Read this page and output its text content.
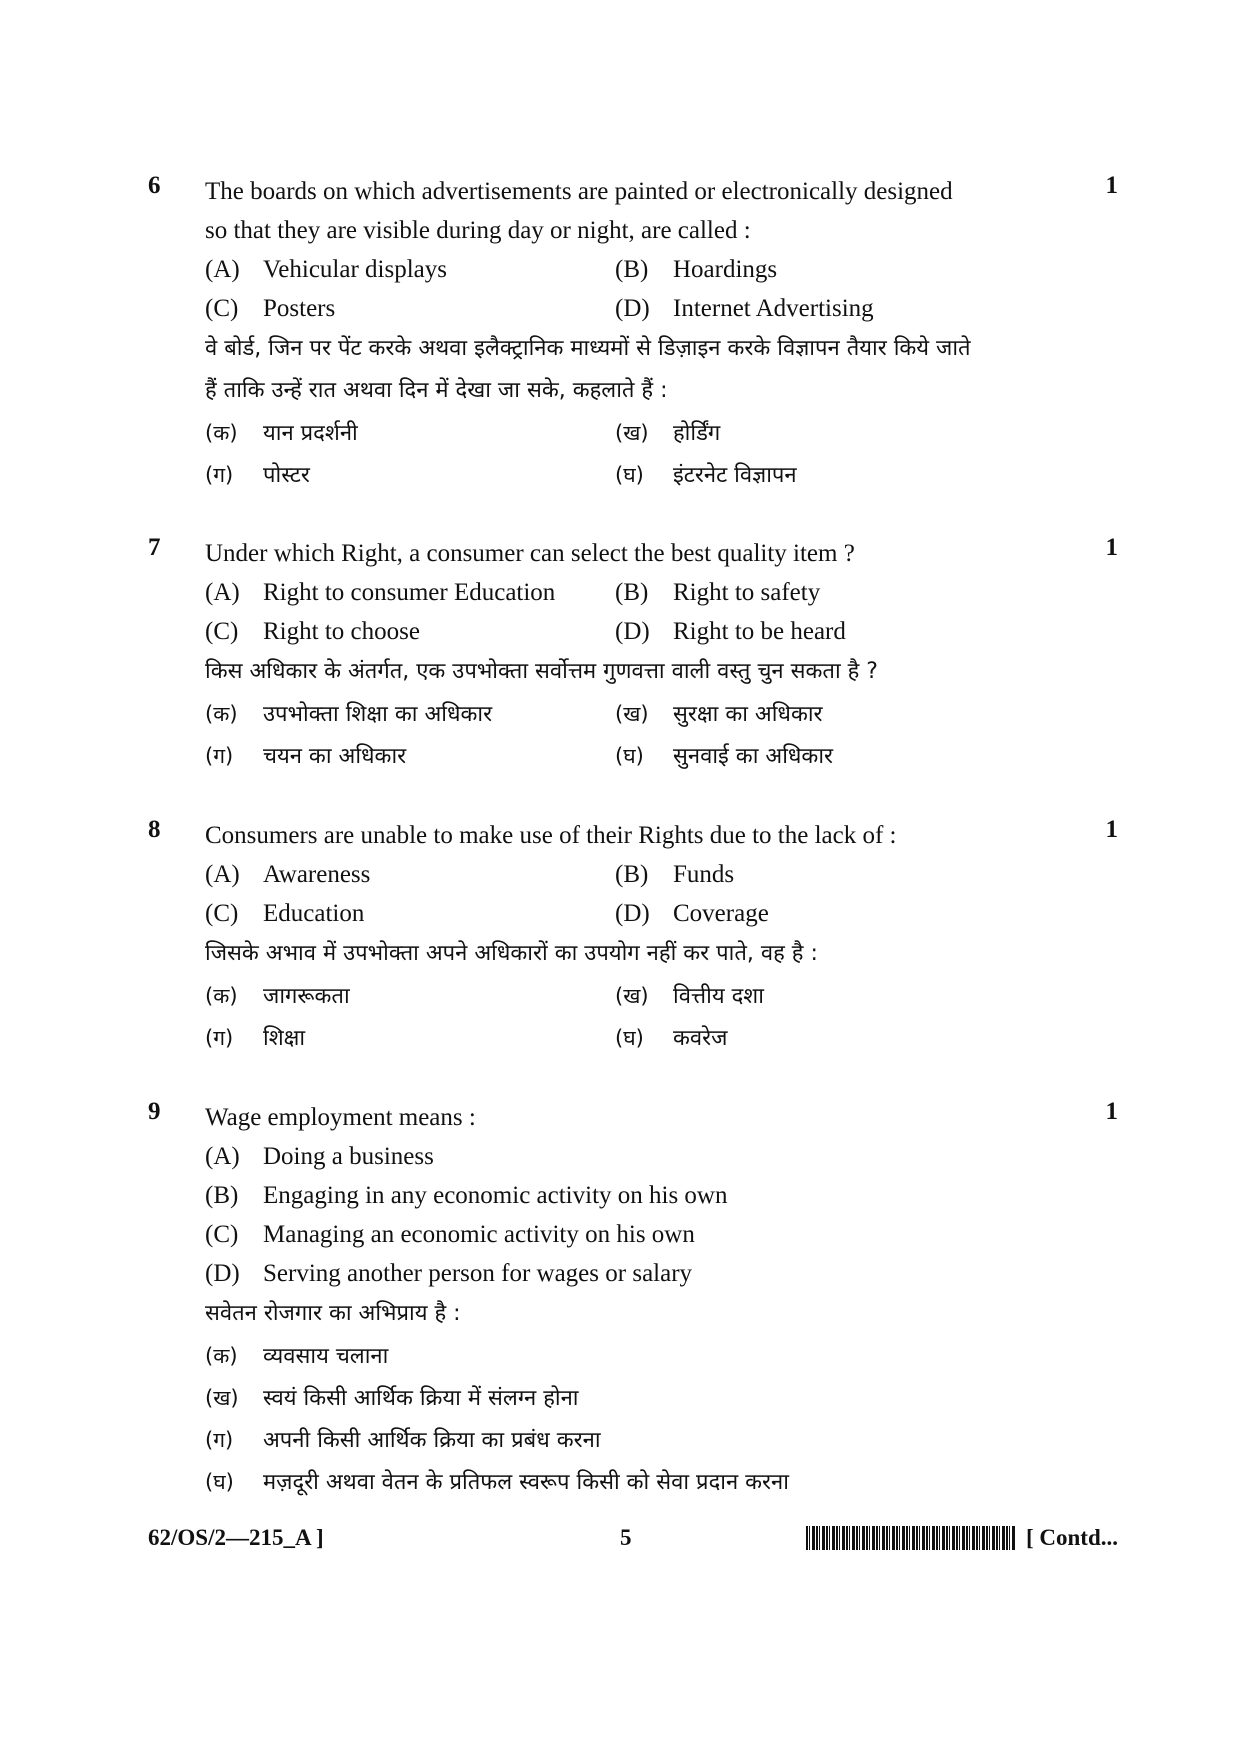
6	1
The boards on which advertisements are painted or electronically designed
so that they are visible during day or night, are called :
(A) Vehicular displays	(B) Hoardings
(C) Posters	(D) Internet Advertising
वे बोर्ड, जिन पर पेंट करके अथवा इलैक्ट्रानिक माध्यमों से डिज़ाइन करके विज्ञापन तैयार किये जाते
हैं ताकि उन्हें रात अथवा दिन में देखा जा सके, कहलाते हैं :
(क) यान प्रदर्शनी	(ख) होर्डिंग
(ग) पोस्टर	(घ) इंटरनेट विज्ञापन
7	1
Under which Right, a consumer can select the best quality item ?
(A) Right to consumer Education (B) Right to safety
(C) Right to choose	(D) Right to be heard
किस अधिकार के अंतर्गत, एक उपभोक्ता सर्वोत्तम गुणवत्ता वाली वस्तु चुन सकता है ?
(क) उपभोक्ता शिक्षा का अधिकार	(ख) सुरक्षा का अधिकार
(ग) चयन का अधिकार	(घ) सुनवाई का अधिकार
8	1
Consumers are unable to make use of their Rights due to the lack of :
(A) Awareness	(B) Funds
(C) Education	(D) Coverage
जिसके अभाव में उपभोक्ता अपने अधिकारों का उपयोग नहीं कर पाते, वह है :
(क) जागरूकता	(ख) वित्तीय दशा
(ग) शिक्षा	(घ) कवरेज
9	1
Wage employment means :
(A) Doing a business
(B) Engaging in any economic activity on his own
(C) Managing an economic activity on his own
(D) Serving another person for wages or salary
सवेतन रोजगार का अभिप्राय है :
(क) व्यवसाय चलाना
(ख) स्वयं किसी आर्थिक क्रिया में संलग्न होना
(ग) अपनी किसी आर्थिक क्रिया का प्रबंध करना
(घ) मज़दूरी अथवा वेतन के प्रतिफल स्वरूप किसी को सेवा प्रदान करना
62/OS/2—215_A ]	5	[ Contd...
